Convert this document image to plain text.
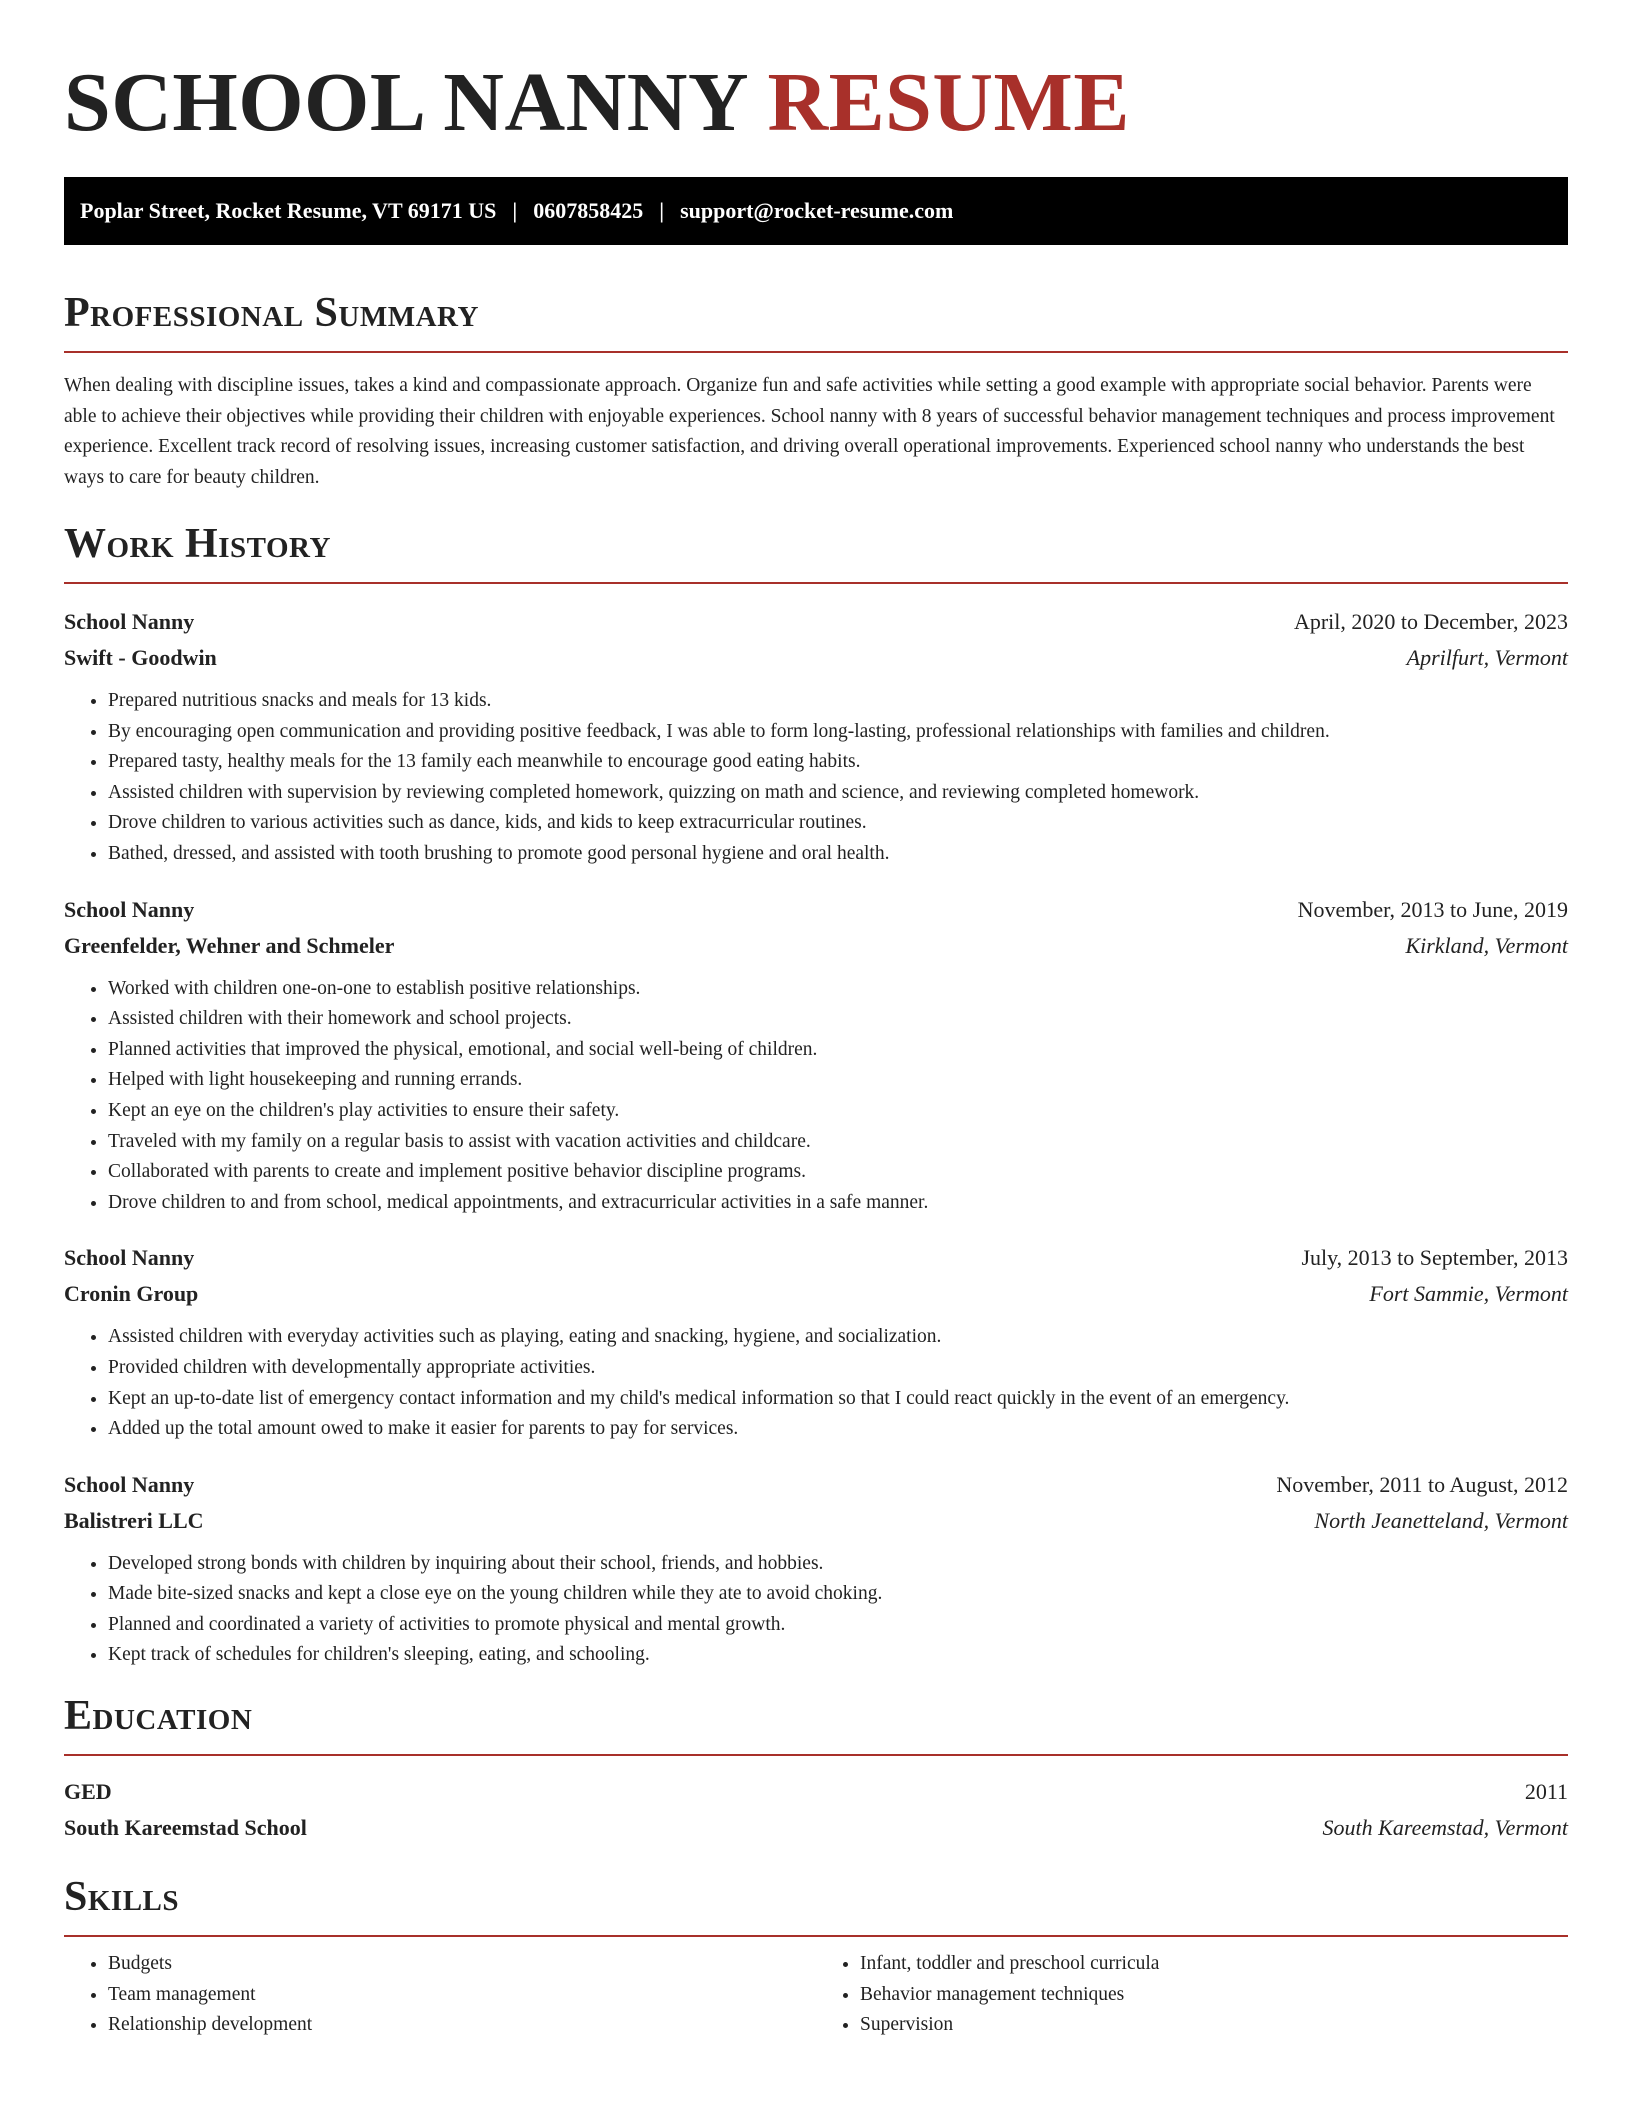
SCHOOL NANNY RESUME
Poplar Street, Rocket Resume, VT 69171 US | 0607858425 | support@rocket-resume.com
Professional Summary

When dealing with discipline issues, takes a kind and compassionate approach. Organize fun and safe activities while setting a good example with appropriate social behavior. Parents were able to achieve their objectives while providing their children with enjoyable experiences. School nanny with 8 years of successful behavior management techniques and process improvement experience. Excellent track record of resolving issues, increasing customer satisfaction, and driving overall operational improvements. Experienced school nanny who understands the best ways to care for beauty children.

Work History
School Nanny	April, 2020 to December, 2023
Swift - Goodwin	Aprilfurt, Vermont
• Prepared nutritious snacks and meals for 13 kids.
• By encouraging open communication and providing positive feedback, I was able to form long-lasting, professional relationships with families and children.
• Prepared tasty, healthy meals for the 13 family each meanwhile to encourage good eating habits.
• Assisted children with supervision by reviewing completed homework, quizzing on math and science, and reviewing completed homework.
• Drove children to various activities such as dance, kids, and kids to keep extracurricular routines.
• Bathed, dressed, and assisted with tooth brushing to promote good personal hygiene and oral health.
School Nanny	November, 2013 to June, 2019
Greenfelder, Wehner and Schmeler	Kirkland, Vermont
• Worked with children one-on-one to establish positive relationships.
• Assisted children with their homework and school projects.
• Planned activities that improved the physical, emotional, and social well-being of children.
• Helped with light housekeeping and running errands.
• Kept an eye on the children's play activities to ensure their safety.
• Traveled with my family on a regular basis to assist with vacation activities and childcare.
• Collaborated with parents to create and implement positive behavior discipline programs.
• Drove children to and from school, medical appointments, and extracurricular activities in a safe manner.
School Nanny	July, 2013 to September, 2013
Cronin Group	Fort Sammie, Vermont
• Assisted children with everyday activities such as playing, eating and snacking, hygiene, and socialization.
• Provided children with developmentally appropriate activities.
• Kept an up-to-date list of emergency contact information and my child's medical information so that I could react quickly in the event of an emergency.
• Added up the total amount owed to make it easier for parents to pay for services.
School Nanny	November, 2011 to August, 2012
Balistreri LLC	North Jeanetteland, Vermont
• Developed strong bonds with children by inquiring about their school, friends, and hobbies.
• Made bite-sized snacks and kept a close eye on the young children while they ate to avoid choking.
• Planned and coordinated a variety of activities to promote physical and mental growth.
• Kept track of schedules for children's sleeping, eating, and schooling.
Education
GED	2011
South Kareemstad School	South Kareemstad, Vermont
Skills
• Budgets
• Team management
• Relationship development
• Infant, toddler and preschool curricula
• Behavior management techniques
• Supervision
